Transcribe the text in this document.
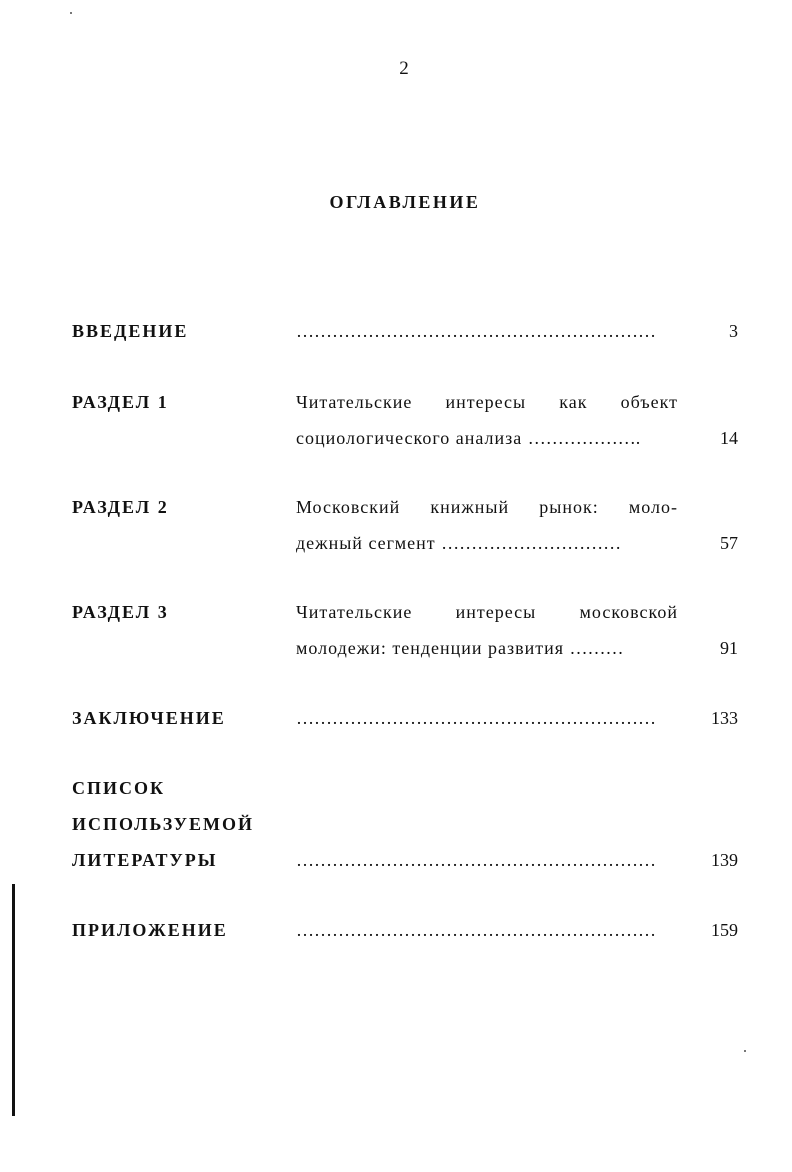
2
ОГЛАВЛЕНИЕ
ВВЕДЕНИЕ	……………………………………………………	3
РАЗДЕЛ 1	Читательские интересы как объект
социологического анализа ……………….	14
РАЗДЕЛ 2	Московский книжный рынок: моло-
дежный сегмент …………………………	57
РАЗДЕЛ 3	Читательские интересы московской
молодежи: тенденции развития ………	91
ЗАКЛЮЧЕНИЕ	……………………………………………………	133
СПИСОК
ИСПОЛЬЗУЕМОЙ
ЛИТЕРАТУРЫ	……………………………………………………	139
ПРИЛОЖЕНИЕ	……………………………………………………	159
